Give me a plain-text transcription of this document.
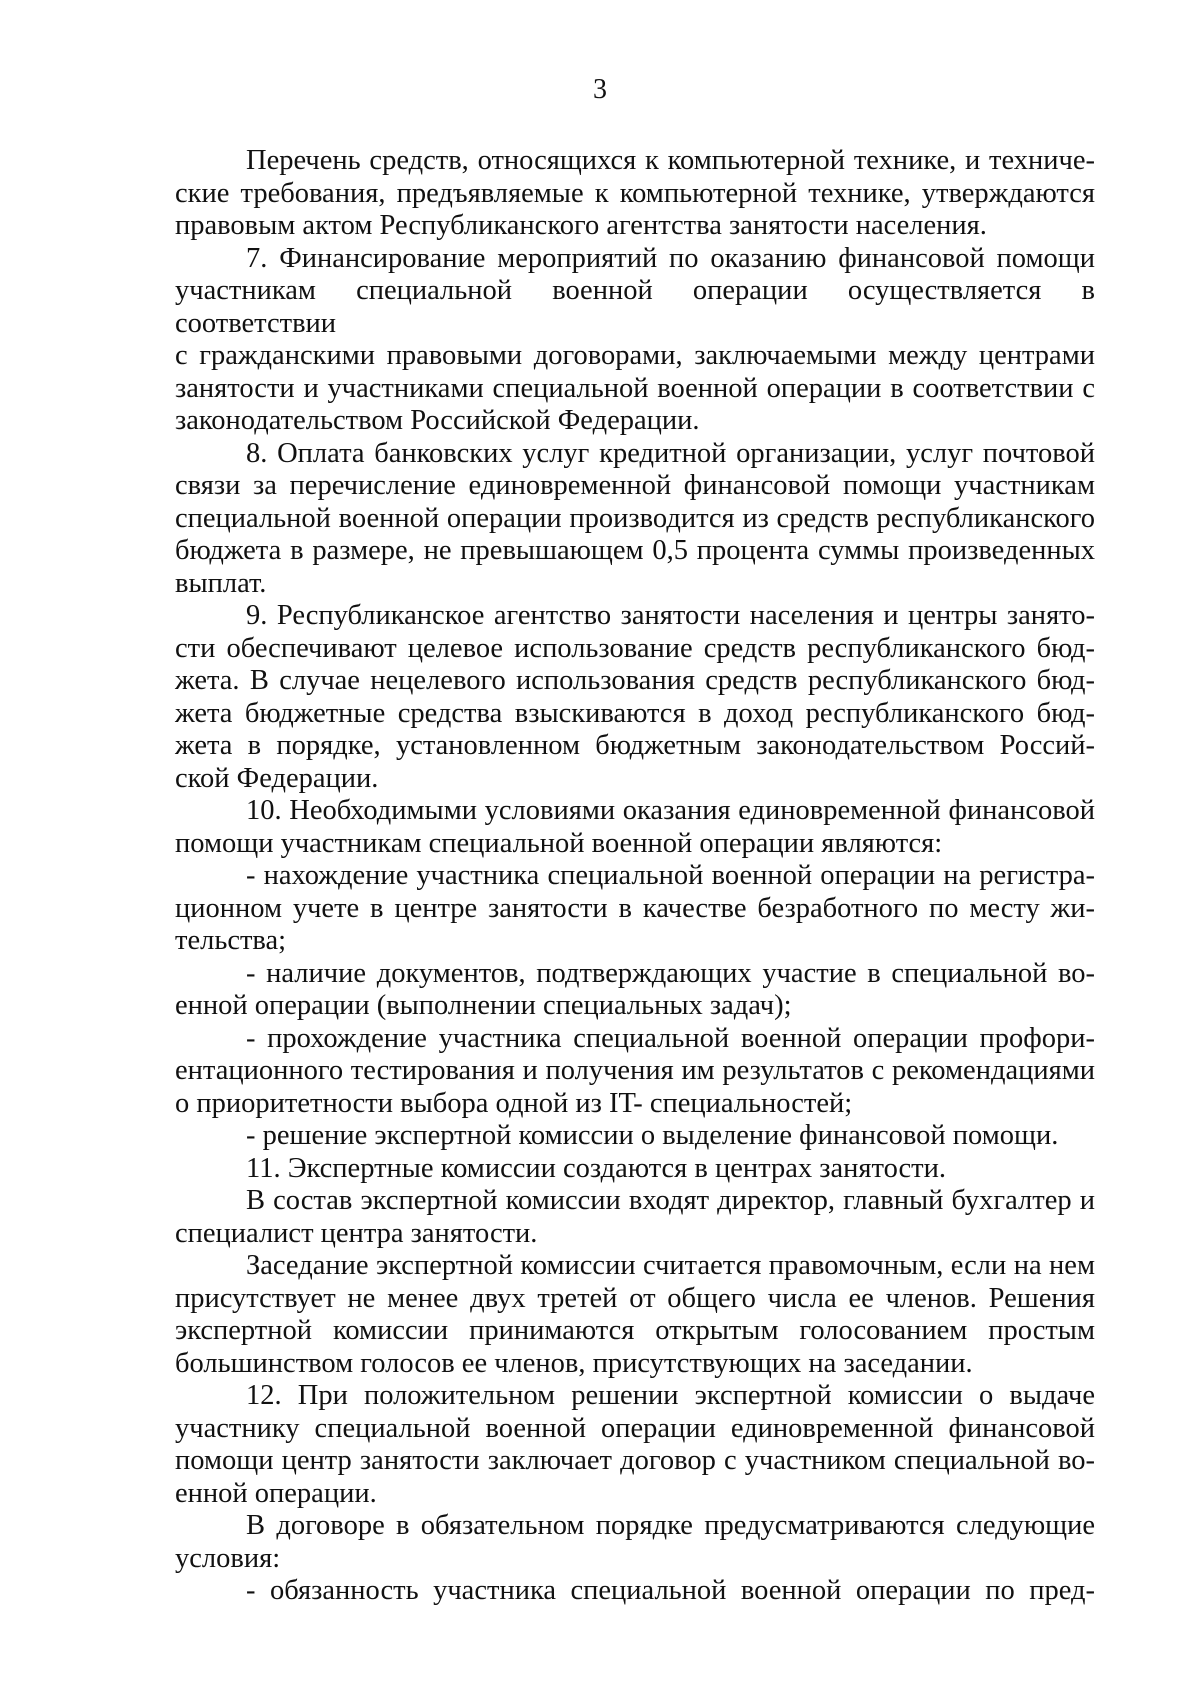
3
Перечень средств, относящихся к компьютерной технике, и техниче-
ские требования, предъявляемые к компьютерной технике, утверждаются
правовым актом Республиканского агентства занятости населения.
7. Финансирование мероприятий по оказанию финансовой помощи
участникам специальной военной операции осуществляется в соответствии
с гражданскими правовыми договорами, заключаемыми между центрами
занятости и участниками специальной военной операции в соответствии с
законодательством Российской Федерации.
8. Оплата банковских услуг кредитной организации, услуг почтовой
связи за перечисление единовременной финансовой помощи участникам
специальной военной операции производится из средств республиканского
бюджета в размере, не превышающем 0,5 процента суммы произведенных
выплат.
9. Республиканское агентство занятости населения и центры занято-
сти обеспечивают целевое использование средств республиканского бюд-
жета. В случае нецелевого использования средств республиканского бюд-
жета бюджетные средства взыскиваются в доход республиканского бюд-
жета в порядке, установленном бюджетным законодательством Россий-
ской Федерации.
10. Необходимыми условиями оказания единовременной финансовой
помощи участникам специальной военной операции являются:
- нахождение участника специальной военной операции на регистра-
ционном учете в центре занятости в качестве безработного по месту жи-
тельства;
- наличие документов, подтверждающих участие в специальной во-
енной операции (выполнении специальных задач);
- прохождение участника специальной военной операции профори-
ентационного тестирования и получения им результатов с рекомендациями
о приоритетности выбора одной из IT- специальностей;
- решение экспертной комиссии о выделение финансовой помощи.
11. Экспертные комиссии создаются в центрах занятости.
В состав экспертной комиссии входят директор, главный бухгалтер и
специалист центра занятости.
Заседание экспертной комиссии считается правомочным, если на нем
присутствует не менее двух третей от общего числа ее членов. Решения
экспертной комиссии принимаются открытым голосованием простым
большинством голосов ее членов, присутствующих на заседании.
12. При положительном решении экспертной комиссии о выдаче
участнику специальной военной операции единовременной финансовой
помощи центр занятости заключает договор с участником специальной во-
енной операции.
В договоре в обязательном порядке предусматриваются следующие
условия:
- обязанность участника специальной военной операции по пред-
